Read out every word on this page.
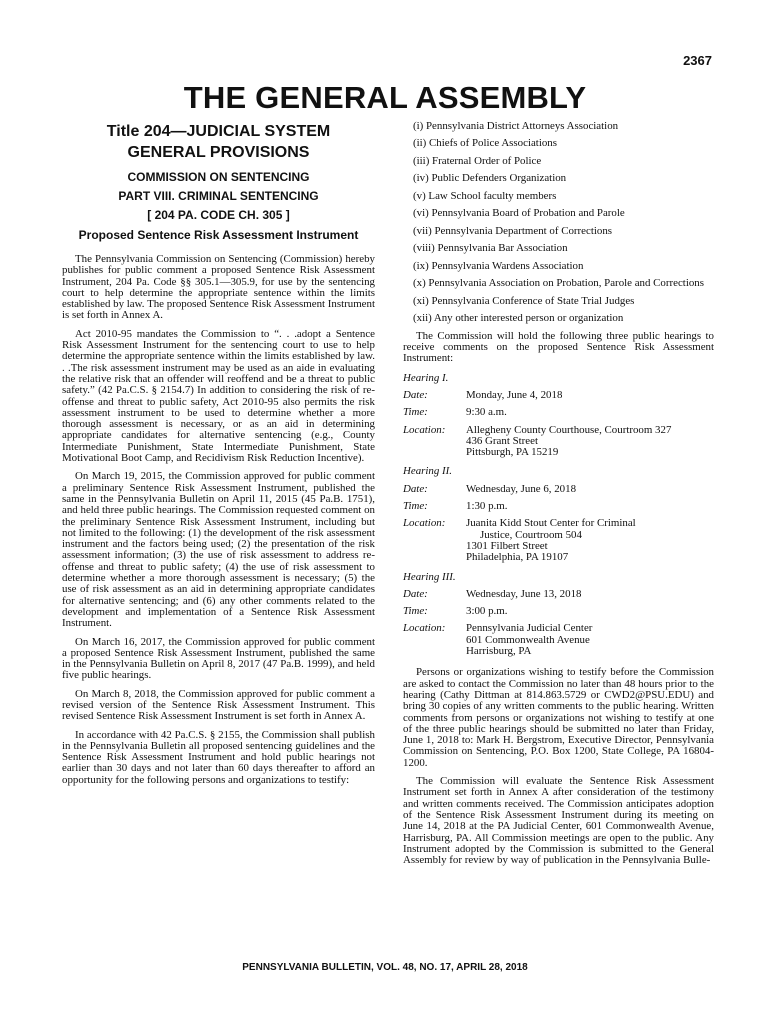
2367
THE GENERAL ASSEMBLY
Title 204—JUDICIAL SYSTEM
GENERAL PROVISIONS
COMMISSION ON SENTENCING
PART VIII. CRIMINAL SENTENCING
[ 204 PA. CODE CH. 305 ]
Proposed Sentence Risk Assessment Instrument

The Pennsylvania Commission on Sentencing (Commission) hereby publishes for public comment a proposed Sentence Risk Assessment Instrument, 204 Pa. Code §§ 305.1—305.9, for use by the sentencing court to help determine the appropriate sentence within the limits established by law. The proposed Sentence Risk Assessment Instrument is set forth in Annex A.

Act 2010-95 mandates the Commission to “. . .adopt a Sentence Risk Assessment Instrument for the sentencing court to use to help determine the appropriate sentence within the limits established by law. . .The risk assessment instrument may be used as an aide in evaluating the relative risk that an offender will reoffend and be a threat to public safety.” (42 Pa.C.S. § 2154.7) In addition to considering the risk of re-offense and threat to public safety, Act 2010-95 also permits the risk assessment instrument to be used to determine whether a more thorough assessment is necessary, or as an aid in determining appropriate candidates for alternative sentencing (e.g., County Intermediate Punishment, State Intermediate Punishment, State Motivational Boot Camp, and Recidivism Risk Reduction Incentive).

On March 19, 2015, the Commission approved for public comment a preliminary Sentence Risk Assessment Instrument, published the same in the Pennsylvania Bulletin on April 11, 2015 (45 Pa.B. 1751), and held three public hearings. The Commission requested comment on the preliminary Sentence Risk Assessment Instrument, including but not limited to the following: (1) the development of the risk assessment instrument and the factors being used; (2) the presentation of the risk assessment information; (3) the use of risk assessment to address re-offense and threat to public safety; (4) the use of risk assessment to determine whether a more thorough assessment is necessary; (5) the use of risk assessment as an aid in determining appropriate candidates for alternative sentencing; and (6) any other comments related to the development and implementation of a Sentence Risk Assessment Instrument.

On March 16, 2017, the Commission approved for public comment a proposed Sentence Risk Assessment Instrument, published the same in the Pennsylvania Bulletin on April 8, 2017 (47 Pa.B. 1999), and held five public hearings.

On March 8, 2018, the Commission approved for public comment a revised version of the Sentence Risk Assessment Instrument. This revised Sentence Risk Assessment Instrument is set forth in Annex A.

In accordance with 42 Pa.C.S. § 2155, the Commission shall publish in the Pennsylvania Bulletin all proposed sentencing guidelines and the Sentence Risk Assessment Instrument and hold public hearings not earlier than 30 days and not later than 60 days thereafter to afford an opportunity for the following persons and organizations to testify:

(i) Pennsylvania District Attorneys Association
(ii) Chiefs of Police Associations
(iii) Fraternal Order of Police
(iv) Public Defenders Organization
(v) Law School faculty members
(vi) Pennsylvania Board of Probation and Parole
(vii) Pennsylvania Department of Corrections
(viii) Pennsylvania Bar Association
(ix) Pennsylvania Wardens Association
(x) Pennsylvania Association on Probation, Parole and Corrections
(xi) Pennsylvania Conference of State Trial Judges
(xii) Any other interested person or organization

The Commission will hold the following three public hearings to receive comments on the proposed Sentence Risk Assessment Instrument:

Hearing I.
Date:	Monday, June 4, 2018
Time:	9:30 a.m.
Location:	Allegheny County Courthouse, Courtroom 327
436 Grant Street
Pittsburgh, PA 15219
Hearing II.
Date:	Wednesday, June 6, 2018
Time:	1:30 p.m.
Location:	Juanita Kidd Stout Center for Criminal
Justice, Courtroom 504
1301 Filbert Street
Philadelphia, PA 19107
Hearing III.
Date:	Wednesday, June 13, 2018
Time:	3:00 p.m.
Location:	Pennsylvania Judicial Center
601 Commonwealth Avenue
Harrisburg, PA

Persons or organizations wishing to testify before the Commission are asked to contact the Commission no later than 48 hours prior to the hearing (Cathy Dittman at 814.863.5729 or CWD2@PSU.EDU) and bring 30 copies of any written comments to the public hearing. Written comments from persons or organizations not wishing to testify at one of the three public hearings should be submitted no later than Friday, June 1, 2018 to: Mark H. Bergstrom, Executive Director, Pennsylvania Commission on Sentencing, P.O. Box 1200, State College, PA 16804-1200.

The Commission will evaluate the Sentence Risk Assessment Instrument set forth in Annex A after consideration of the testimony and written comments received. The Commission anticipates adoption of the Sentence Risk Assessment Instrument during its meeting on June 14, 2018 at the PA Judicial Center, 601 Commonwealth Avenue, Harrisburg, PA. All Commission meetings are open to the public. Any Instrument adopted by the Commission is submitted to the General Assembly for review by way of publication in the Pennsylvania Bulle-

PENNSYLVANIA BULLETIN, VOL. 48, NO. 17, APRIL 28, 2018
